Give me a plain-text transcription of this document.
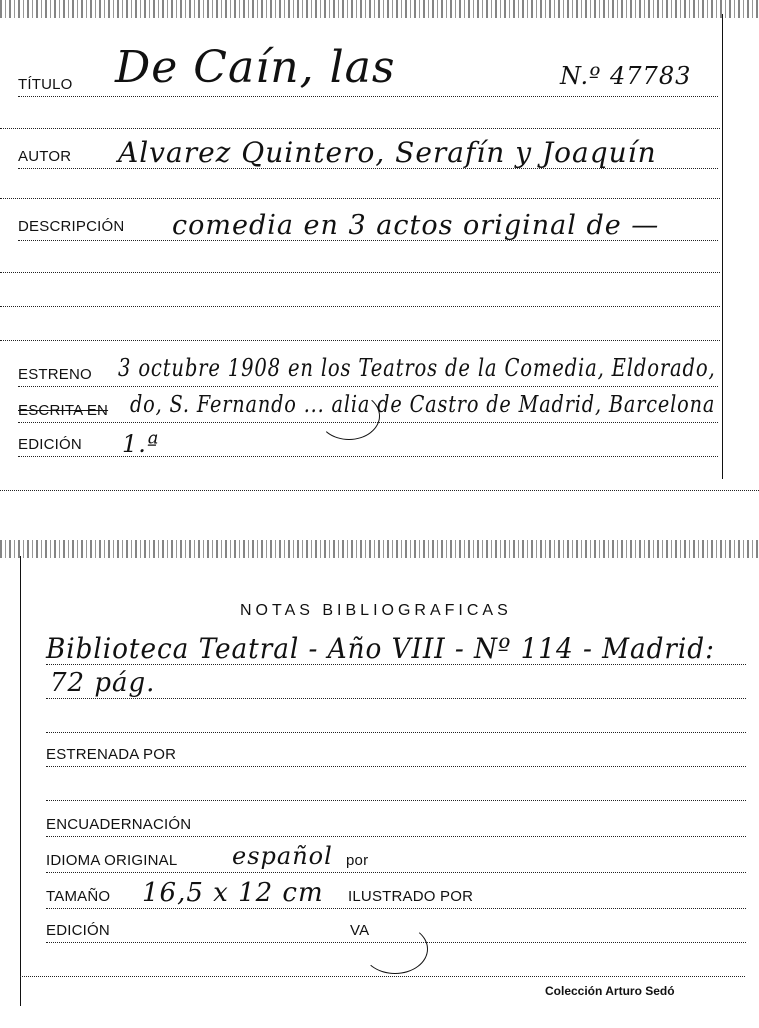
TÍTULO De Caín, las	N.º 47783
AUTOR Alvarez Quintero, Serafín y Joaquín
DESCRIPCIÓN comedia en 3 actos original de —
ESTRENO 3 octubre 1908 en los Teatros de la Comedia, Eldorado,
ESCRITA EN do, S. Fernando ... alia de Castro de Madrid, Barcelona
EDICIÓN 1.ª
NOTAS BIBLIOGRAFICAS
Biblioteca Teatral - Año VIII - Nº 114 - Madrid:
72 pág.
ESTRENADA POR
ENCUADERNACIÓN
IDIOMA ORIGINAL español por
TAMAÑO 16,5 x 12 cm ILUSTRADO POR
EDICIÓN	VA
Colección Arturo Sedó
